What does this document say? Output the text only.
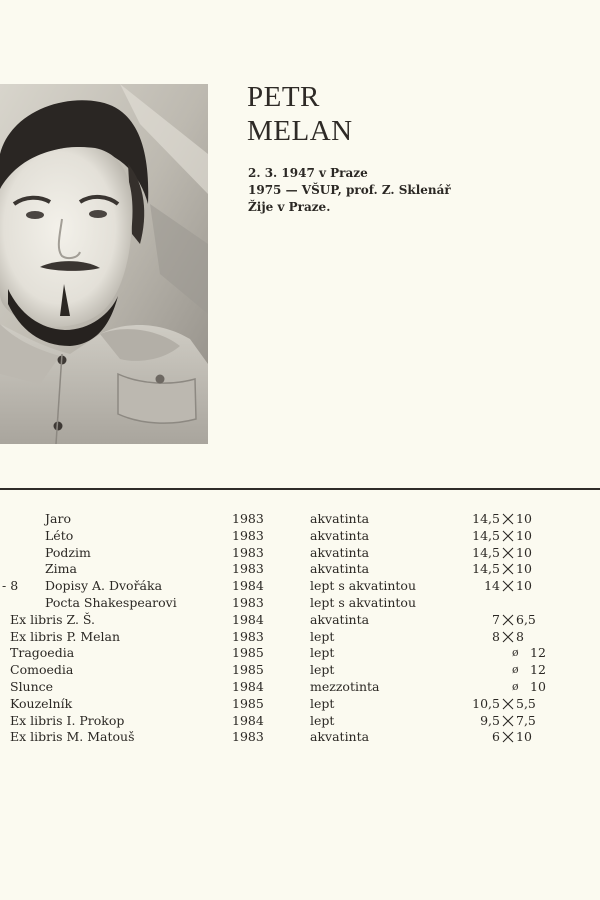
PETR
MELAN
2. 3. 1947 v Praze
1975 — VŠUP, prof. Z. Sklenář
Žije v Praze.
Jaro	1983	akvatinta	14,5 10
Léto	1983	akvatinta	14,5 10
Podzim	1983	akvatinta	14,5 10
Zima	1983	akvatinta	14,5 10
- 8 Dopisy A. Dvořáka	1984	lept s akvatintou	14 10
Pocta Shakespearovi	1983	lept s akvatintou
Ex libris Z. Š.	1984	akvatinta	7 6,5
Ex libris P. Melan	1983	lept	8 8
Tragoedia	1985	lept	ø 12
Comoedia	1985	lept	ø 12
Slunce	1984	mezzotinta	ø 10
Kouzelník	1985	lept	10,5 5,5
Ex libris I. Prokop	1984	lept	9,5 7,5
Ex libris M. Matouš	1983	akvatinta	6 10
